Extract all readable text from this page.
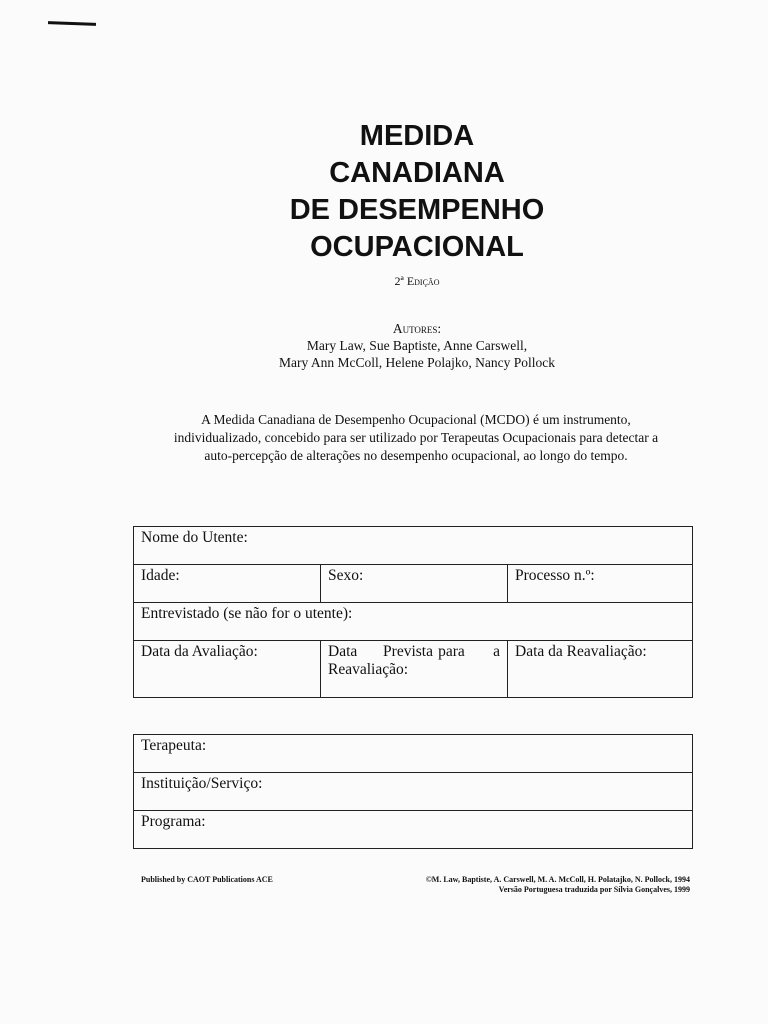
MEDIDA
CANADIANA
DE DESEMPENHO
OCUPACIONAL
2ª Edição
Autores:
Mary Law, Sue Baptiste, Anne Carswell,
Mary Ann McColl, Helene Polajko, Nancy Pollock
A Medida Canadiana de Desempenho Ocupacional (MCDO) é um instrumento,
individualizado, concebido para ser utilizado por Terapeutas Ocupacionais para detectar a
auto-percepção de alterações no desempenho ocupacional, ao longo do tempo.
Nome do Utente:		
Idade:	Sexo:	Processo n.º:
Entrevistado (se não for o utente):		
Data da Avaliação:	Data Prevista para a
Reavaliação:	Data da Reavaliação:
Terapeuta:
Instituição/Serviço:
Programa:
Published by CAOT Publications ACE	©M. Law, Baptiste, A. Carswell, M. A. McColl, H. Polatajko, N. Pollock, 1994
Versão Portuguesa traduzida por Sílvia Gonçalves, 1999
